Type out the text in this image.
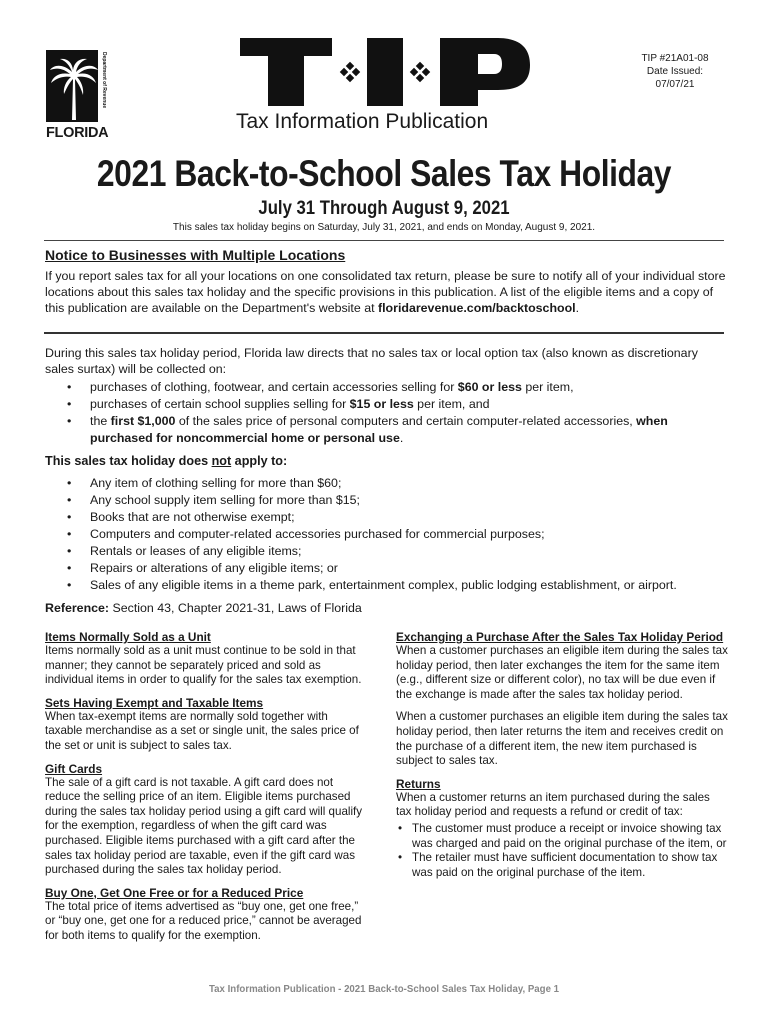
Department of Revenue
FLORIDA	Tax Information Publication
TIP #21A01-08
Date Issued:
07/07/21
2021 Back-to-School Sales Tax Holiday
July 31 Through August 9, 2021
This sales tax holiday begins on Saturday, July 31, 2021, and ends on Monday, August 9, 2021.
Notice to Businesses with Multiple Locations
If you report sales tax for all your locations on one consolidated tax return, please be sure to notify all of your individual store locations about this sales tax holiday and the specific provisions in this publication. A list of the eligible items and a copy of this publication are available on the Department's website at floridarevenue.com/backtoschool.
During this sales tax holiday period, Florida law directs that no sales tax or local option tax (also known as discretionary sales surtax) will be collected on:
• purchases of clothing, footwear, and certain accessories selling for $60 or less per item,
• purchases of certain school supplies selling for $15 or less per item, and
• the first $1,000 of the sales price of personal computers and certain computer-related accessories, when purchased for noncommercial home or personal use.
This sales tax holiday does not apply to:
• Any item of clothing selling for more than $60;
• Any school supply item selling for more than $15;
• Books that are not otherwise exempt;
• Computers and computer-related accessories purchased for commercial purposes;
• Rentals or leases of any eligible items;
• Repairs or alterations of any eligible items; or
• Sales of any eligible items in a theme park, entertainment complex, public lodging establishment, or airport.
Reference: Section 43, Chapter 2021-31, Laws of Florida
Items Normally Sold as a Unit

Items normally sold as a unit must continue to be sold in that manner; they cannot be separately priced and sold as individual items in order to qualify for the sales tax exemption.

Sets Having Exempt and Taxable Items

When tax-exempt items are normally sold together with taxable merchandise as a set or single unit, the sales price of the set or unit is subject to sales tax.

Gift Cards

The sale of a gift card is not taxable. A gift card does not reduce the selling price of an item. Eligible items purchased during the sales tax holiday period using a gift card will qualify for the exemption, regardless of when the gift card was purchased. Eligible items purchased with a gift card after the sales tax holiday period are taxable, even if the gift card was purchased during the sales tax holiday period.

Buy One, Get One Free or for a Reduced Price

The total price of items advertised as “buy one, get one free,” or “buy one, get one for a reduced price,” cannot be averaged for both items to qualify for the exemption.

Exchanging a Purchase After the Sales Tax Holiday Period

When a customer purchases an eligible item during the sales tax holiday period, then later exchanges the item for the same item (e.g., different size or different color), no tax will be due even if the exchange is made after the sales tax holiday period.

When a customer purchases an eligible item during the sales tax holiday period, then later returns the item and receives credit on the purchase of a different item, the new item purchased is subject to sales tax.

Returns

When a customer returns an item purchased during the sales tax holiday period and requests a refund or credit of tax:

• The customer must produce a receipt or invoice showing tax was charged and paid on the original purchase of the item, or
• The retailer must have sufficient documentation to show tax was paid on the original purchase of the item.
Tax Information Publication - 2021 Back-to-School Sales Tax Holiday, Page 1
